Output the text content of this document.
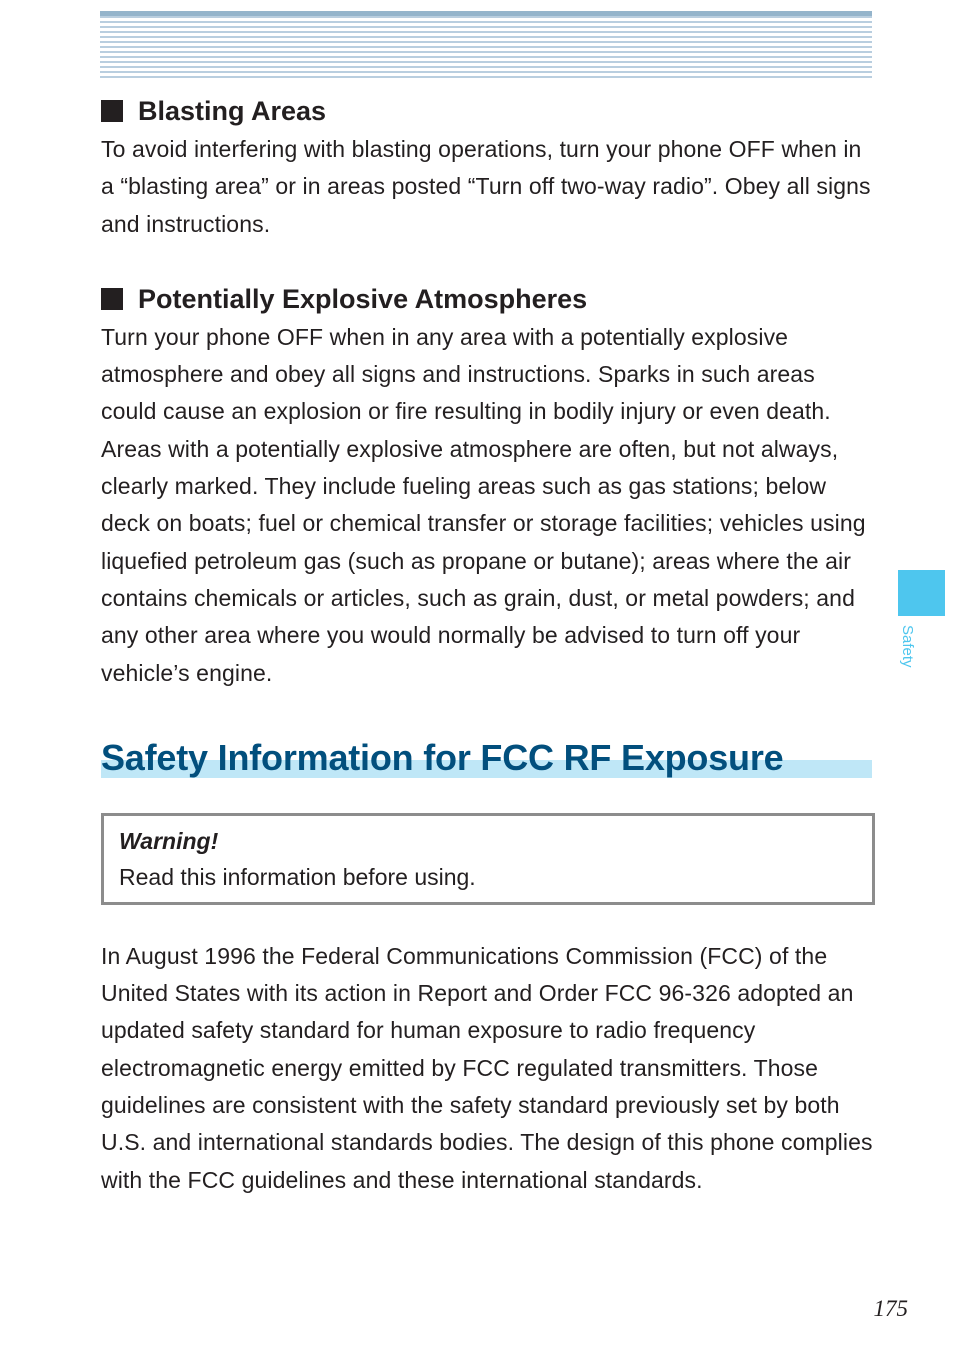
Blasting Areas

To avoid interfering with blasting operations, turn your phone OFF when in a “blasting area” or in areas posted “Turn off two-way radio”. Obey all signs and instructions.

Potentially Explosive Atmospheres

Turn your phone OFF when in any area with a potentially explosive atmosphere and obey all signs and instructions. Sparks in such areas could cause an explosion or fire resulting in bodily injury or even death.

Areas with a potentially explosive atmosphere are often, but not always, clearly marked. They include fueling areas such as gas stations; below deck on boats; fuel or chemical transfer or storage facilities; vehicles using liquefied petroleum gas (such as propane or butane); areas where the air contains chemicals or articles, such as grain, dust, or metal powders; and any other area where you would normally be advised to turn off your vehicle’s engine.

Safety Information for FCC RF Exposure
Warning!
Read this information before using.

In August 1996 the Federal Communications Commission (FCC) of the United States with its action in Report and Order FCC 96-326 adopted an updated safety standard for human exposure to radio frequency electromagnetic energy emitted by FCC regulated transmitters. Those guidelines are consistent with the safety standard previously set by both U.S. and international standards bodies. The design of this phone complies with the FCC guidelines and these international standards.

Safety
175
